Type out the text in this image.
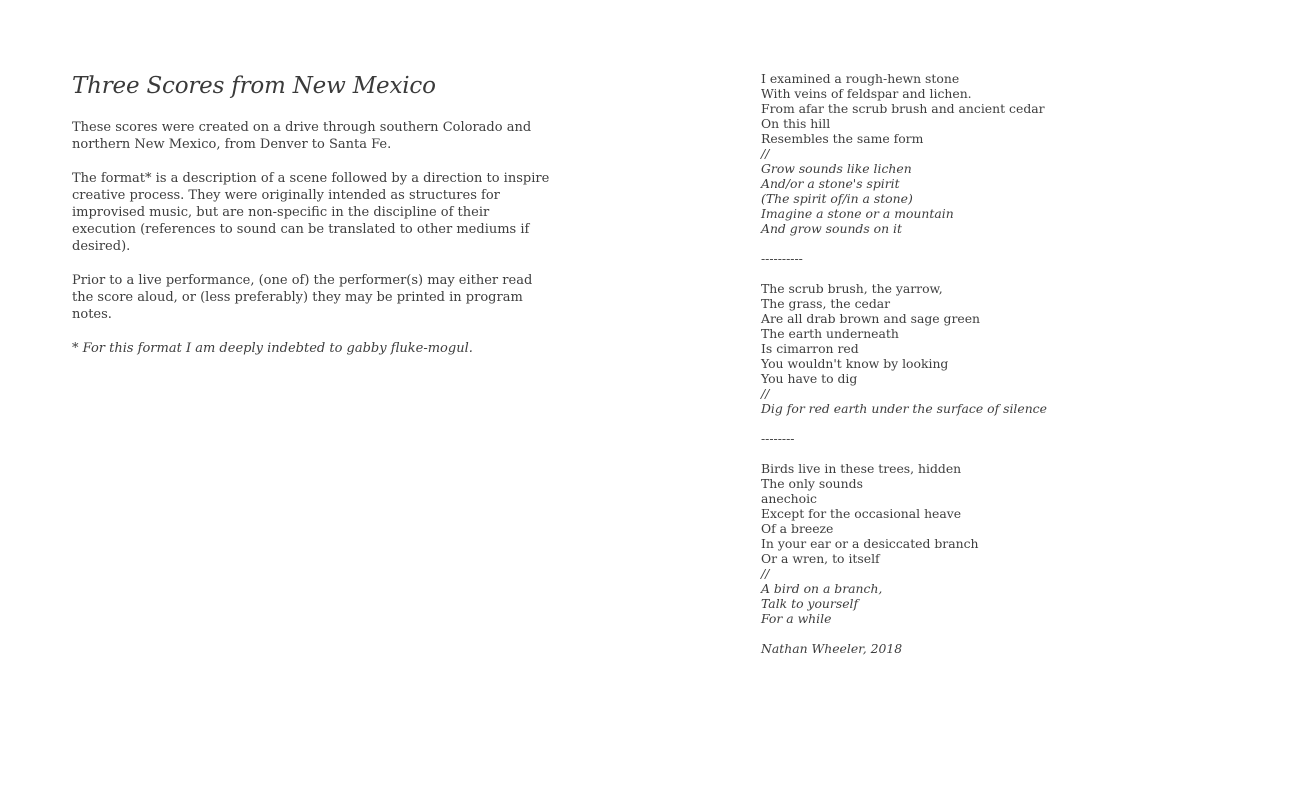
Three Scores from New Mexico

These scores were created on a drive through southern Colorado and northern New Mexico, from Denver to Santa Fe.

The format* is a description of a scene followed by a direction to inspire creative process. They were originally intended as structures for improvised music, but are non-specific in the discipline of their execution (references to sound can be translated to other mediums if desired).

Prior to a live performance, (one of) the performer(s) may either read the score aloud, or (less preferably) they may be printed in program notes.

* For this format I am deeply indebted to gabby fluke-mogul.

I examined a rough-hewn stone
With veins of feldspar and lichen.
From afar the scrub brush and ancient cedar
On this hill
Resembles the same form
//
Grow sounds like lichen
And/or a stone's spirit
(The spirit of/in a stone)
Imagine a stone or a mountain
And grow sounds on it
----------
The scrub brush, the yarrow,
The grass, the cedar
Are all drab brown and sage green
The earth underneath
Is cimarron red
You wouldn't know by looking
You have to dig
//
Dig for red earth under the surface of silence
--------
Birds live in these trees, hidden
The only sounds
anechoic
Except for the occasional heave
Of a breeze
In your ear or a desiccated branch
Or a wren, to itself
//
A bird on a branch,
Talk to yourself
For a while
Nathan Wheeler, 2018
